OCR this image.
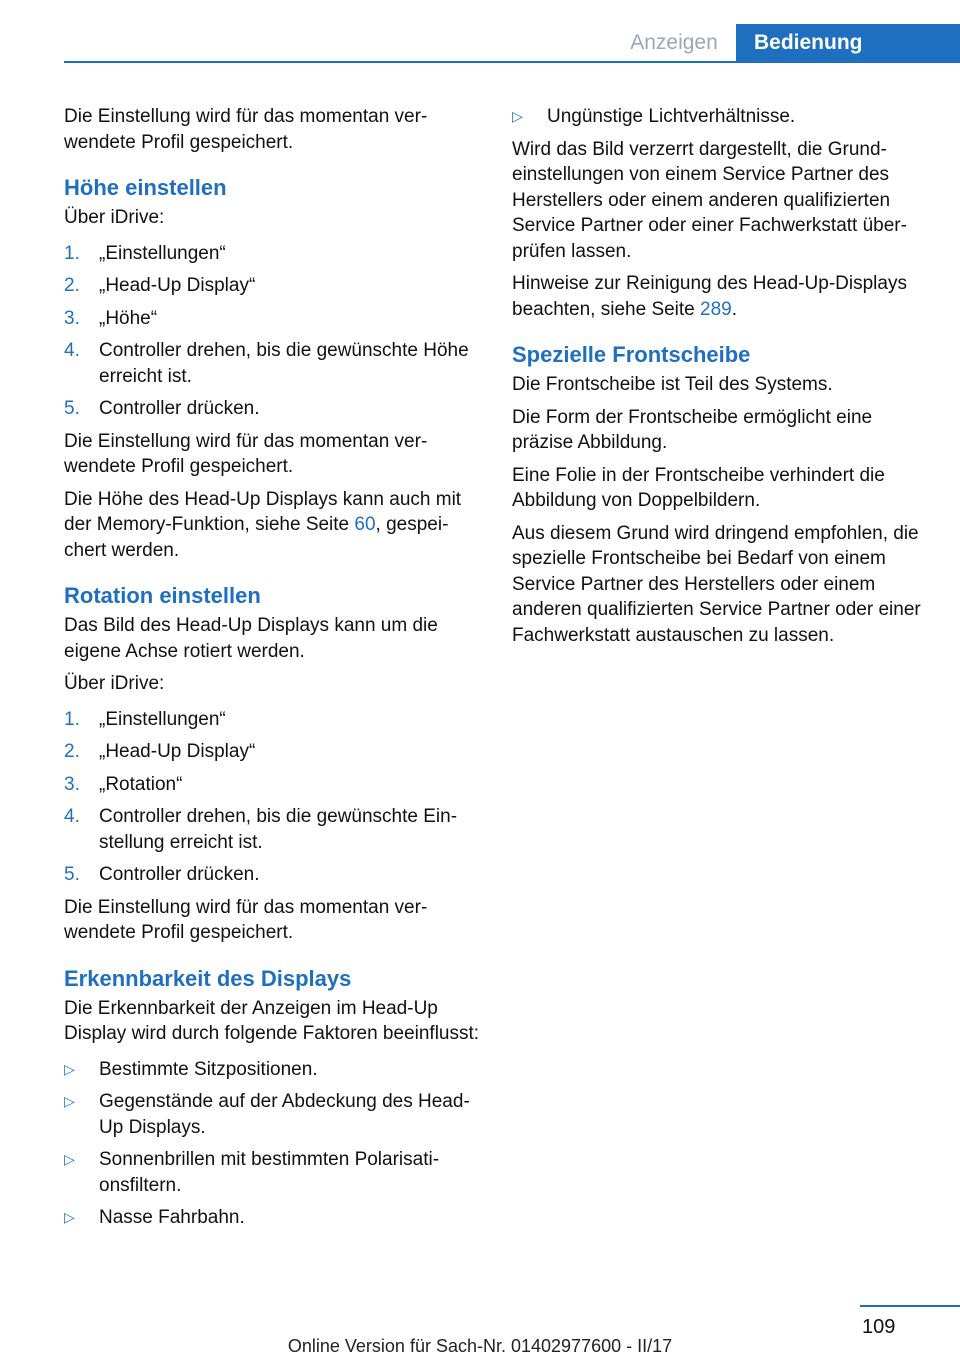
Anzeigen	Bedienung

Die Einstellung wird für das momentan verwendete Profil gespeichert.

Höhe einstellen

Über iDrive:

1. „Einstellungen“
2. „Head-Up Display“
3. „Höhe“
4. Controller drehen, bis die gewünschte Höhe erreicht ist.
5. Controller drücken.

Die Einstellung wird für das momentan verwendete Profil gespeichert.

Die Höhe des Head-Up Displays kann auch mit der Memory-Funktion, siehe Seite 60, gespeichert werden.

Rotation einstellen

Das Bild des Head-Up Displays kann um die eigene Achse rotiert werden.

Über iDrive:

1. „Einstellungen“
2. „Head-Up Display“
3. „Rotation“
4. Controller drehen, bis die gewünschte Einstellung erreicht ist.
5. Controller drücken.

Die Einstellung wird für das momentan verwendete Profil gespeichert.

Erkennbarkeit des Displays

Die Erkennbarkeit der Anzeigen im Head-Up Display wird durch folgende Faktoren beeinflusst:

▷ Bestimmte Sitzpositionen.
▷ Gegenstände auf der Abdeckung des Head-Up Displays.
▷ Sonnenbrillen mit bestimmten Polarisationsfiltern.
▷ Nasse Fahrbahn.
▷ Ungünstige Lichtverhältnisse.

Wird das Bild verzerrt dargestellt, die Grundeinstellungen von einem Service Partner des Herstellers oder einem anderen qualifizierten Service Partner oder einer Fachwerkstatt überprüfen lassen.

Hinweise zur Reinigung des Head-Up-Displays beachten, siehe Seite 289.

Spezielle Frontscheibe

Die Frontscheibe ist Teil des Systems.

Die Form der Frontscheibe ermöglicht eine präzise Abbildung.

Eine Folie in der Frontscheibe verhindert die Abbildung von Doppelbildern.

Aus diesem Grund wird dringend empfohlen, die spezielle Frontscheibe bei Bedarf von einem Service Partner des Herstellers oder einem anderen qualifizierten Service Partner oder einer Fachwerkstatt austauschen zu lassen.

109
Online Version für Sach-Nr. 01402977600 - II/17
